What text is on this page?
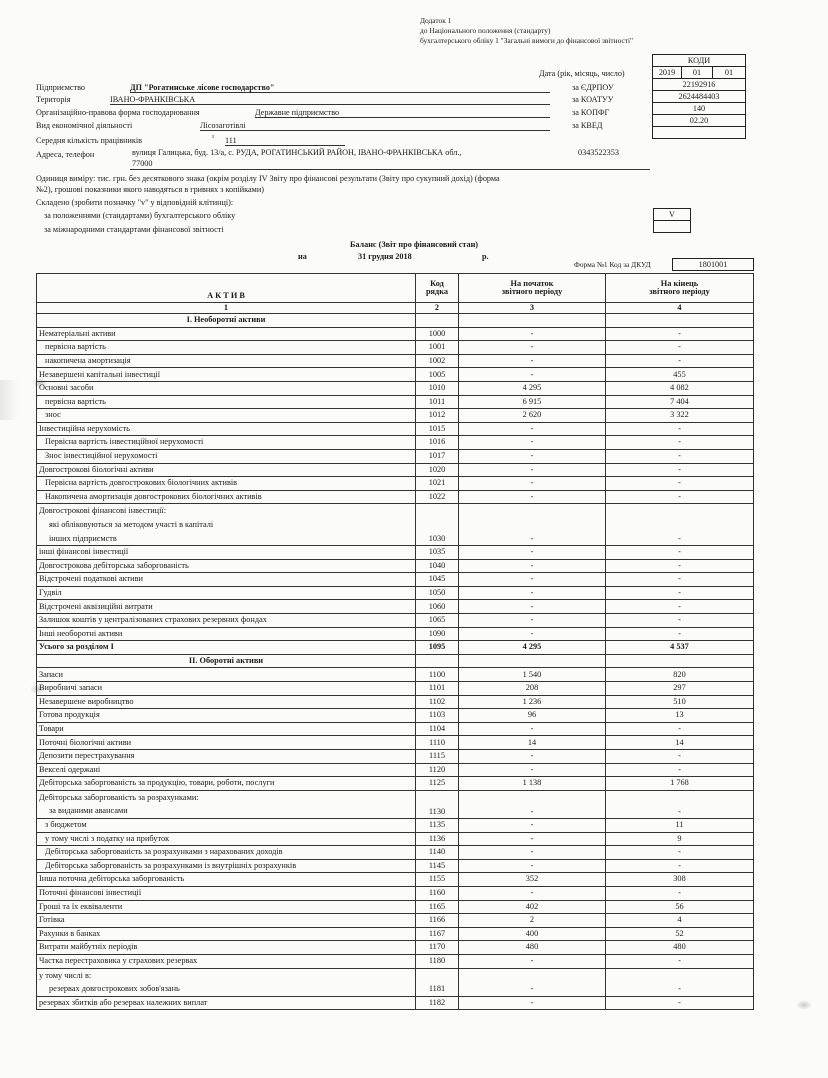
Додаток 1
до Національного положення (стандарту)
бухгалтерського обліку 1 "Загальні вимоги до фінансової звітності"
КОДИ
Дата (рік, місяць, число)	2019	01	01
22192916
2624484403
140
02.20
Підприємство	ДП "Рогатинське лісове господарство"	за ЄДРПОУ
Територія	ІВАНО-ФРАНКІВСЬКА	за КОАТУУ
Організаційно-правова форма господарювання	Державне підприємство	за КОПФГ
Вид економічної діяльності	Лісозаготівлі	за КВЕД
Середня кількість працівників	¹ 111
Адреса, телефон	вулиця Галицька, буд. 13/а, с. РУДА, РОГАТИНСЬКИЙ РАЙОН, ІВАНО-ФРАНКІВСЬКА обл.,
77000
0343522353
Одиниця виміру: тис. грн. без десяткового знака (окрім розділу IV Звіту про фінансові результати (Звіту про сукупний дохід) (форма
№2), грошові показники якого наводяться в гривнях з копійками)
Складено (зробити позначку "v" у відповідній клітинці):
за положеннями (стандартами) бухгалтерського обліку
за міжнародними стандартами фінансової звітності
V
Баланс (Звіт про фінансовий стан)
на	31 грудня 2018	р.
Форма №1 Код за ДКУД	1801001
А К Т И В	Код
рядка	На початок
звітного періоду	На кінець
звітного періоду
1	2	3	4
І. Необоротні активи			
Нематеріальні активи	1000	-	-
первісна вартість	1001	-	-
накопичена амортизація	1002	-	-
Незавершені капітальні інвестиції	1005	-	455
Основні засоби	1010	4 295	4 082
первісна вартість	1011	6 915	7 404
знос	1012	2 620	3 322
Інвестиційна нерухомість	1015	-	-
Первісна вартість інвестиційної нерухомості	1016	-	-
Знос інвестиційної нерухомості	1017	-	-
Довгострокові біологічні активи	1020	-	-
Первісна вартість довгострокових біологічних активів	1021	-	-
Накопичена амортизація довгострокових біологічних активів	1022	-	-

Довгострокові фінансові інвестиції:
які обліковуються за методом участі в капіталі
інших підприємств	1030	-	-
інші фінансові інвестиції	1035	-	-
Довгострокова дебіторська заборгованість	1040	-	-
Відстрочені податкові активи	1045	-	-
Гудвіл	1050	-	-
Відстрочені аквізиційні витрати	1060	-	-
Залишок коштів у централізованих страхових резервних фондах	1065	-	-
Інші необоротні активи	1090	-	-
Усього за розділом І	1095	4 295	4 537
ІІ. Оборотні активи			
Запаси	1100	1 540	820
Виробничі запаси	1101	208	297
Незавершене виробництво	1102	1 236	510
Готова продукція	1103	96	13
Товари	1104	-	-
Поточні біологічні активи	1110	14	14
Депозити перестрахування	1115	-	-
Векселі одержані	1120	-	-
Дебіторська заборгованість за продукцію, товари, роботи, послуги	1125	1 138	1 768

Дебіторська заборгованість за розрахунками:
за виданими авансами	1130	-	-
з бюджетом	1135	-	11
у тому числі з податку на прибуток	1136	-	9
Дебіторська заборгованість за розрахунками з нарахованих доходів	1140	-	-
Дебіторська заборгованість за розрахунками із внутрішніх розрахунків	1145	-	-
Інша поточна дебіторська заборгованість	1155	352	308
Поточні фінансові інвестиції	1160	-	-
Гроші та їх еквіваленти	1165	402	56
Готівка	1166	2	4
Рахунки в банках	1167	400	52
Витрати майбутніх періодів	1170	480	480
Частка перестраховика у страхових резервах	1180	-	-

у тому числі в:
резервах довгострокових зобов'язань	1181	-	-
резервах збитків або резервах належних виплат	1182	-	-
